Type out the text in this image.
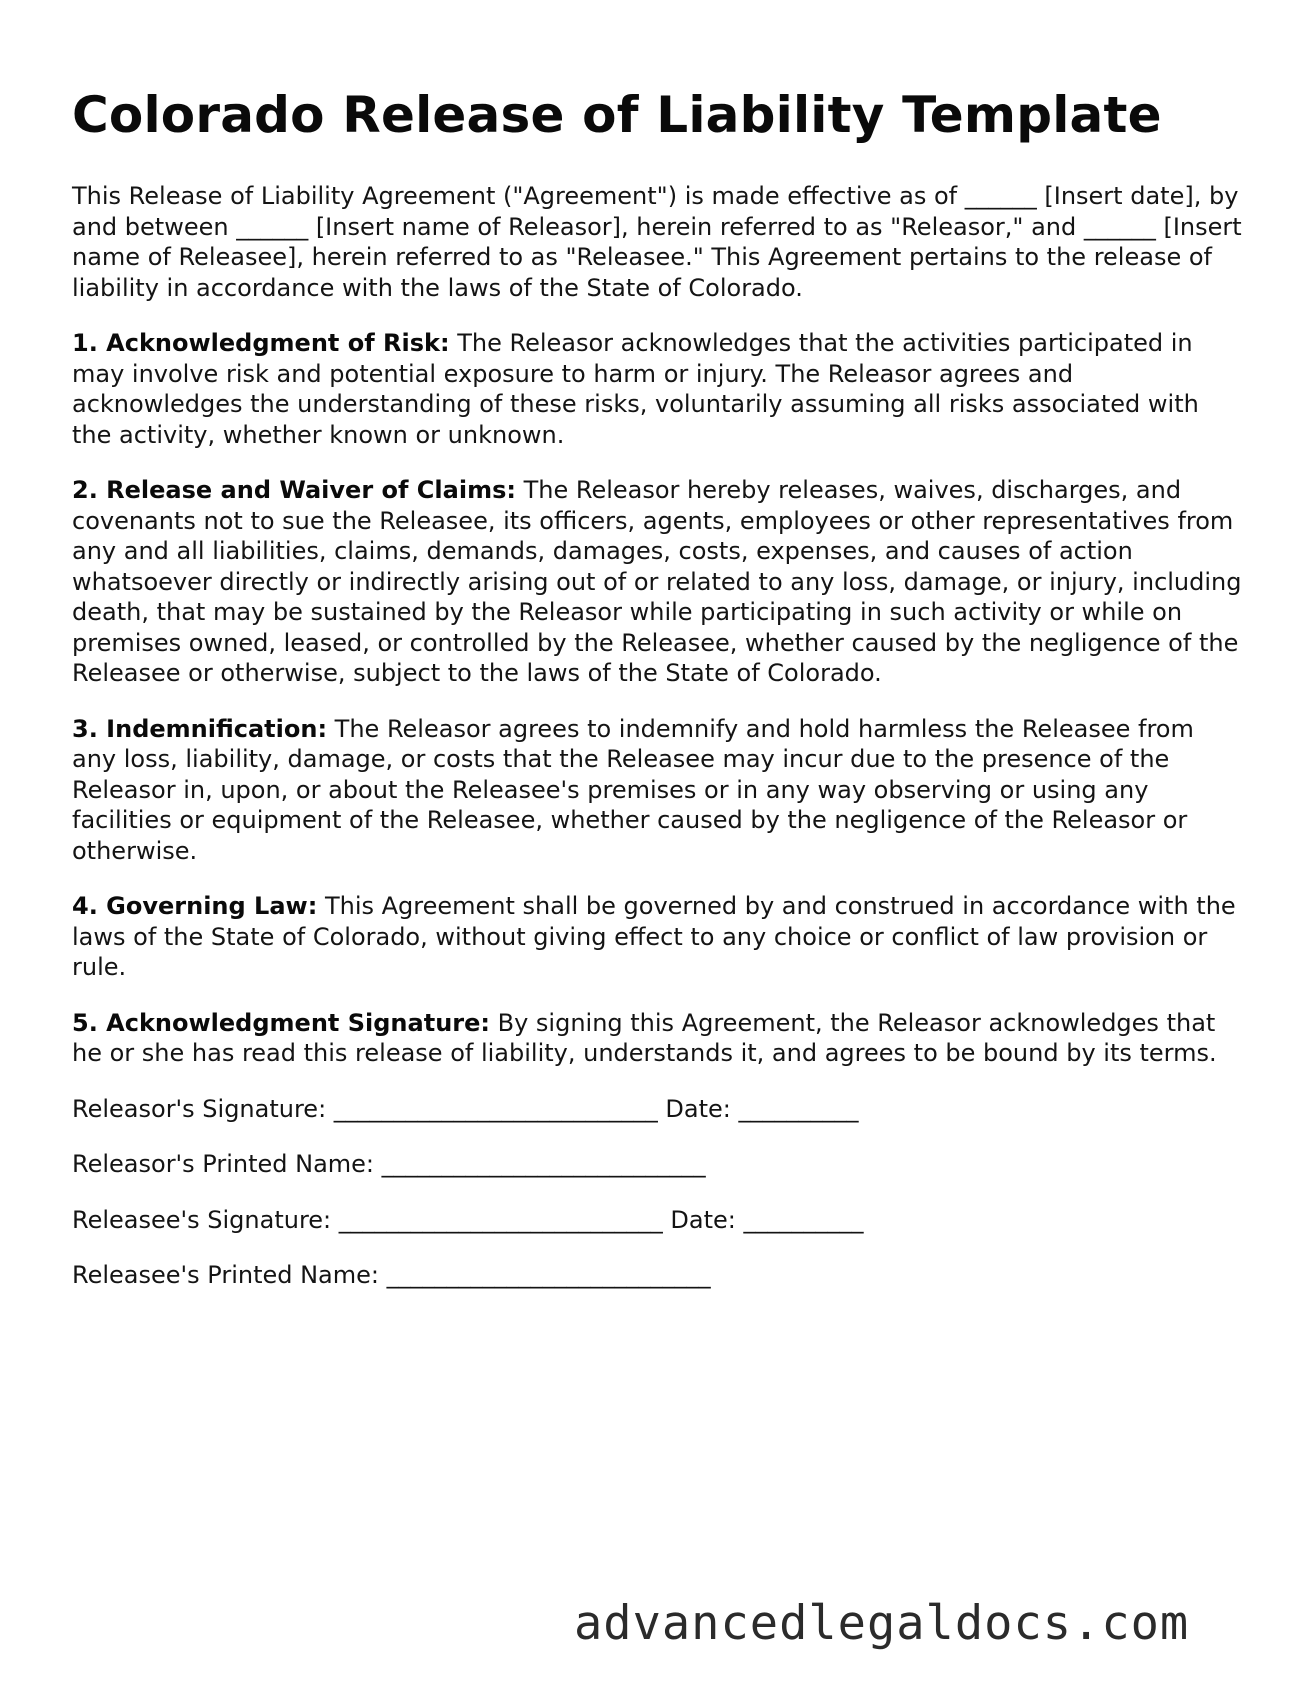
Colorado Release of Liability Template

This Release of Liability Agreement ("Agreement") is made effective as of ______ [Insert date], by and between ______ [Insert name of Releasor], herein referred to as "Releasor," and ______ [Insert name of Releasee], herein referred to as "Releasee." This Agreement pertains to the release of liability in accordance with the laws of the State of Colorado.

1. Acknowledgment of Risk: The Releasor acknowledges that the activities participated in may involve risk and potential exposure to harm or injury. The Releasor agrees and acknowledges the understanding of these risks, voluntarily assuming all risks associated with the activity, whether known or unknown.

2. Release and Waiver of Claims: The Releasor hereby releases, waives, discharges, and covenants not to sue the Releasee, its officers, agents, employees or other representatives from any and all liabilities, claims, demands, damages, costs, expenses, and causes of action whatsoever directly or indirectly arising out of or related to any loss, damage, or injury, including death, that may be sustained by the Releasor while participating in such activity or while on premises owned, leased, or controlled by the Releasee, whether caused by the negligence of the Releasee or otherwise, subject to the laws of the State of Colorado.

3. Indemnification: The Releasor agrees to indemnify and hold harmless the Releasee from any loss, liability, damage, or costs that the Releasee may incur due to the presence of the Releasor in, upon, or about the Releasee's premises or in any way observing or using any facilities or equipment of the Releasee, whether caused by the negligence of the Releasor or otherwise.

4. Governing Law: This Agreement shall be governed by and construed in accordance with the laws of the State of Colorado, without giving effect to any choice or conflict of law provision or rule.

5. Acknowledgment Signature: By signing this Agreement, the Releasor acknowledges that he or she has read this release of liability, understands it, and agrees to be bound by its terms.

Releasor's Signature: ___________________________ Date: __________
Releasor's Printed Name: ___________________________
Releasee's Signature: ___________________________ Date: __________
Releasee's Printed Name: ___________________________
advancedlegaldocs.com
